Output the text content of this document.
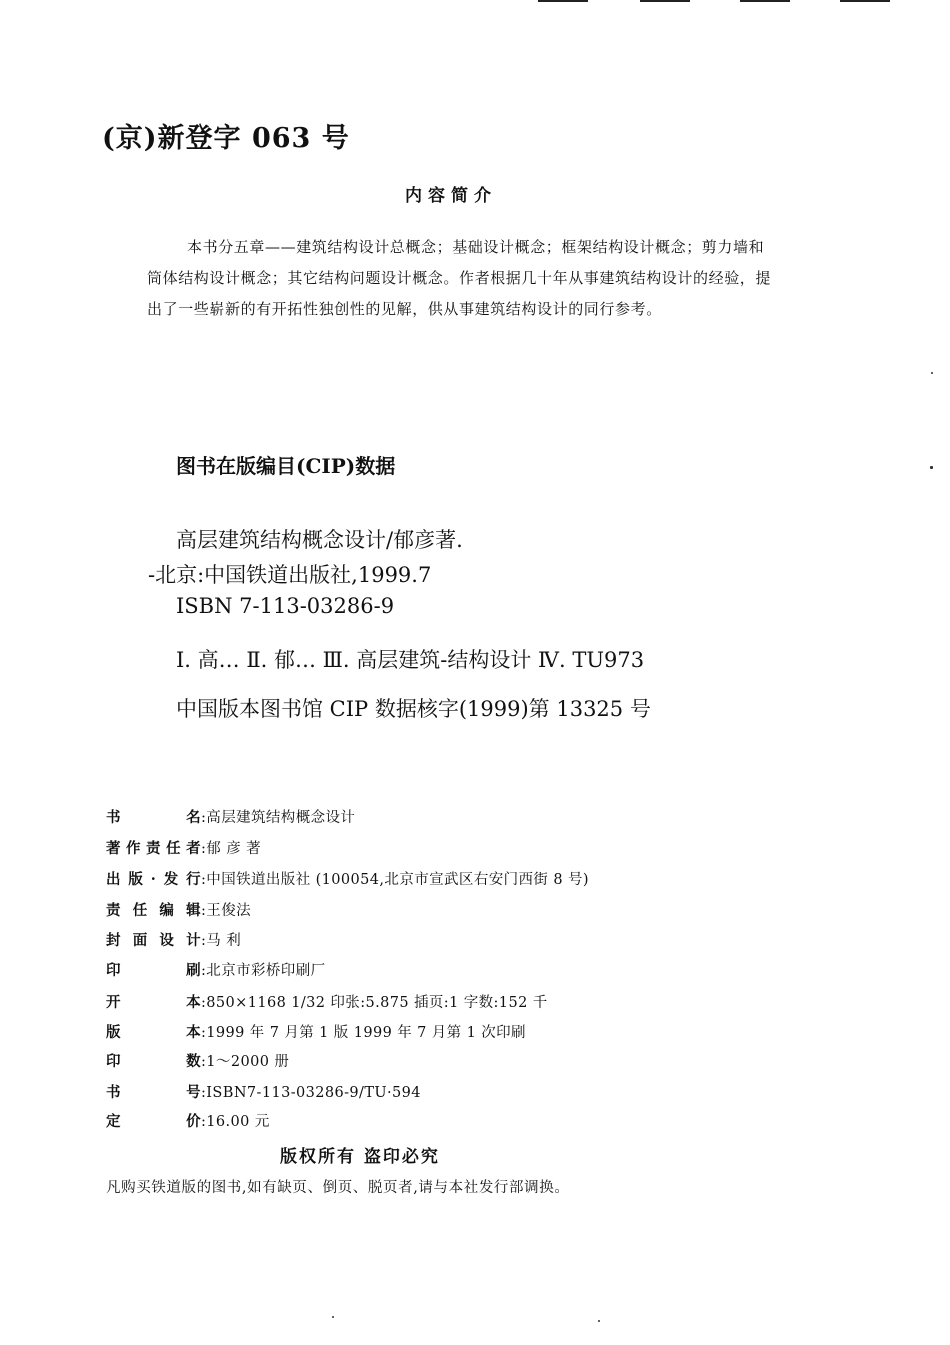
(京)新登字 063 号
内容简介
本书分五章——建筑结构设计总概念；基础设计概念；框架结构设计概念；剪力墙和筒体结构设计概念；其它结构问题设计概念。作者根据几十年从事建筑结构设计的经验，提出了一些崭新的有开拓性独创性的见解，供从事建筑结构设计的同行参考。
图书在版编目(CIP)数据
高层建筑结构概念设计/郁彦著.
-北京:中国铁道出版社,1999.7
ISBN 7-113-03286-9
Ⅰ. 高… Ⅱ. 郁… Ⅲ. 高层建筑-结构设计 Ⅳ. TU973
中国版本图书馆 CIP 数据核字(1999)第 13325 号
书名:高层建筑结构概念设计
著作责任者:郁 彦 著
出版·发行:中国铁道出版社 (100054,北京市宣武区右安门西街 8 号)
责任编辑:王俊法
封面设计:马 利
印刷:北京市彩桥印刷厂
开本:850×1168 1/32 印张:5.875 插页:1 字数:152 千
版本:1999 年 7 月第 1 版 1999 年 7 月第 1 次印刷
印数:1～2000 册
书号:ISBN7-113-03286-9/TU·594
定价:16.00 元
版权所有 盗印必究
凡购买铁道版的图书,如有缺页、倒页、脱页者,请与本社发行部调换。
